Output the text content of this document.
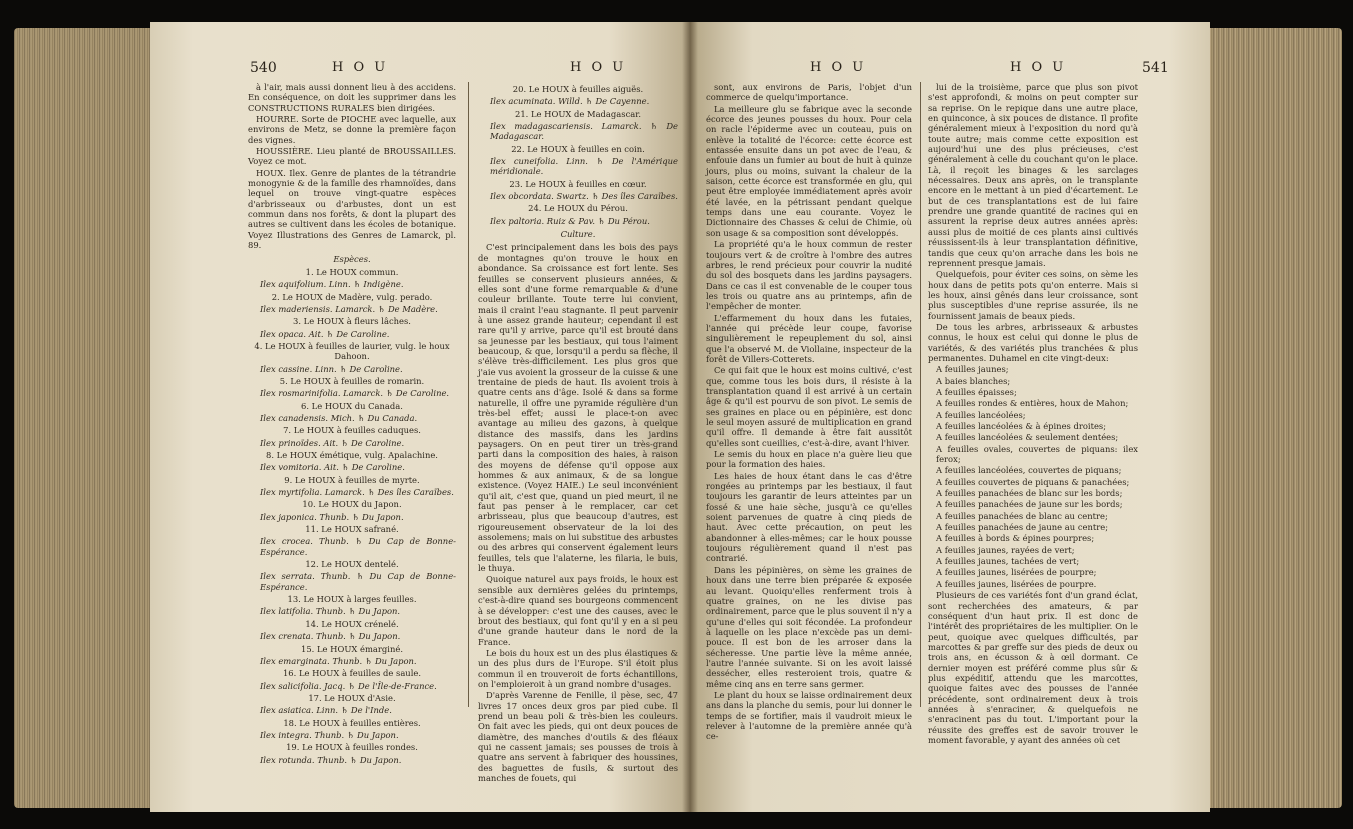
540	H O U	H O U

à l'air, mais aussi donnent lieu à des accidens. En conséquence, on doit les supprimer dans les CONSTRUCTIONS RURALES bien dirigées.

HOURRE. Sorte de PIOCHE avec laquelle, aux environs de Metz, se donne la première façon des vignes.

HOUSSIÈRE. Lieu planté de BROUSSAILLES. Voyez ce mot.

HOUX. Ilex. Genre de plantes de la tétrandrie monogynie & de la famille des rhamnoïdes, dans lequel on trouve vingt-quatre espèces d'arbrisseaux ou d'arbustes, dont un est commun dans nos forêts, & dont la plupart des autres se cultivent dans les écoles de botanique. Voyez Illustrations des Genres de Lamarck, pl. 89.

Espèces.

1. Le HOUX commun.

Ilex aquifolium. Linn. ♄ Indigène.

2. Le HOUX de Madère, vulg. perado.

Ilex maderiensis. Lamarck. ♄ De Madère.

3. Le HOUX à fleurs lâches.

Ilex opaca. Ait. ♄ De Caroline.

4. Le HOUX à feuilles de laurier, vulg. le houx Dahoon.

Ilex cassine. Linn. ♄ De Caroline.

5. Le HOUX à feuilles de romarin.

Ilex rosmarinifolia. Lamarck. ♄ De Caroline.

6. Le HOUX du Canada.

Ilex canadensis. Mich. ♄ Du Canada.

7. Le HOUX à feuilles caduques.

Ilex prinoïdes. Ait. ♄ De Caroline.

8. Le HOUX émétique, vulg. Apalachine.

Ilex vomitoria. Ait. ♄ De Caroline.

9. Le HOUX à feuilles de myrte.

Ilex myrtifolia. Lamarck. ♄ Des îles Caraïbes.

10. Le HOUX du Japon.

Ilex japonica. Thunb. ♄ Du Japon.

11. Le HOUX safrané.

Ilex crocea. Thunb. ♄ Du Cap de Bonne-Espérance.

12. Le HOUX dentelé.

Ilex serrata. Thunb. ♄ Du Cap de Bonne-Espérance.

13. Le HOUX à larges feuilles.

Ilex latifolia. Thunb. ♄ Du Japon.

14. Le HOUX crénelé.

Ilex crenata. Thunb. ♄ Du Japon.

15. Le HOUX émarginé.

Ilex emarginata. Thunb. ♄ Du Japon.

16. Le HOUX à feuilles de saule.

Ilex salicifolia. Jacq. ♄ De l'Île-de-France.

17. Le HOUX d'Asie.

Ilex asiatica. Linn. ♄ De l'Inde.

18. Le HOUX à feuilles entières.

Ilex integra. Thunb. ♄ Du Japon.

19. Le HOUX à feuilles rondes.

Ilex rotunda. Thunb. ♄ Du Japon.

20. Le HOUX à feuilles aiguës.

Ilex acuminata. Willd. ♄ De Cayenne.

21. Le HOUX de Madagascar.

Ilex madagascariensis. Lamarck. ♄ De Madagascar.

22. Le HOUX à feuilles en coin.

Ilex cuneifolia. Linn. ♄ De l'Amérique méridionale.

23. Le HOUX à feuilles en cœur.

Ilex obcordata. Swartz. ♄ Des îles Caraïbes.

24. Le HOUX du Pérou.

Ilex paltoria. Ruiz & Pav. ♄ Du Pérou.

Culture.

C'est principalement dans les bois des pays de montagnes qu'on trouve le houx en abondance. Sa croissance est fort lente. Ses feuilles se conservent plusieurs années, & elles sont d'une forme remarquable & d'une couleur brillante. Toute terre lui convient, mais il craint l'eau stagnante. Il peut parvenir à une assez grande hauteur; cependant il est rare qu'il y arrive, parce qu'il est brouté dans sa jeunesse par les bestiaux, qui tous l'aiment beaucoup, & que, lorsqu'il a perdu sa flèche, il s'élève très-difficilement. Les plus gros que j'aie vus avoient la grosseur de la cuisse & une trentaine de pieds de haut. Ils avoient trois à quatre cents ans d'âge. Isolé & dans sa forme naturelle, il offre une pyramide régulière d'un très-bel effet; aussi le place-t-on avec avantage au milieu des gazons, à quelque distance des massifs, dans les jardins paysagers. On en peut tirer un très-grand parti dans la composition des haies, à raison des moyens de défense qu'il oppose aux hommes & aux animaux, & de sa longue existence. (Voyez HAIE.) Le seul inconvénient qu'il ait, c'est que, quand un pied meurt, il ne faut pas penser à le remplacer, car cet arbrisseau, plus que beaucoup d'autres, est rigoureusement observateur de la loi des assolemens; mais on lui substitue des arbustes ou des arbres qui conservent également leurs feuilles, tels que l'alaterne, les filaria, le buis, le thuya.

Quoique naturel aux pays froids, le houx est sensible aux dernières gelées du printemps, c'est-à-dire quand ses bourgeons commencent à se développer: c'est une des causes, avec le brout des bestiaux, qui font qu'il y en a si peu d'une grande hauteur dans le nord de la France.

Le bois du houx est un des plus élastiques & un des plus durs de l'Europe. S'il étoit plus commun il en trouveroit de forts échantillons, on l'emploieroit à un grand nombre d'usages.

D'après Varenne de Fenille, il pèse, sec, 47 livres 17 onces deux gros par pied cube. Il prend un beau poli & très-bien les couleurs. On fait avec les pieds, qui ont deux pouces de diamètre, des manches d'outils & des fléaux qui ne cassent jamais; ses pousses de trois à quatre ans servent à fabriquer des houssines, des baguettes de fusils, & surtout des manches de fouets, qui

H O U	H O U	541

sont, aux environs de Paris, l'objet d'un commerce de quelqu'importance.

La meilleure glu se fabrique avec la seconde écorce des jeunes pousses du houx. Pour cela on racle l'épiderme avec un couteau, puis on enlève la totalité de l'écorce: cette écorce est entassée ensuite dans un pot avec de l'eau, & enfouie dans un fumier au bout de huit à quinze jours, plus ou moins, suivant la chaleur de la saison, cette écorce est transformée en glu, qui peut être employée immédiatement après avoir été lavée, en la pétrissant pendant quelque temps dans une eau courante. Voyez le Dictionnaire des Chasses & celui de Chimie, où son usage & sa composition sont développés.

La propriété qu'a le houx commun de rester toujours vert & de croître à l'ombre des autres arbres, le rend précieux pour couvrir la nudité du sol des bosquets dans les jardins paysagers. Dans ce cas il est convenable de le couper tous les trois ou quatre ans au printemps, afin de l'empêcher de monter.

L'effarmement du houx dans les futaies, l'année qui précède leur coupe, favorise singulièrement le repeuplement du sol, ainsi que l'a observé M. de Viollaine, inspecteur de la forêt de Villers-Cotterets.

Ce qui fait que le houx est moins cultivé, c'est que, comme tous les bois durs, il résiste à la transplantation quand il est arrivé à un certain âge & qu'il est pourvu de son pivot. Le semis de ses graines en place ou en pépinière, est donc le seul moyen assuré de multiplication en grand qu'il offre. Il demande à être fait aussitôt qu'elles sont cueillies, c'est-à-dire, avant l'hiver.

Le semis du houx en place n'a guère lieu que pour la formation des haies.

Les haies de houx étant dans le cas d'être rongées au printemps par les bestiaux, il faut toujours les garantir de leurs atteintes par un fossé & une haie sèche, jusqu'à ce qu'elles soient parvenues de quatre à cinq pieds de haut. Avec cette précaution, on peut les abandonner à elles-mêmes; car le houx pousse toujours régulièrement quand il n'est pas contrarié.

Dans les pépinières, on sème les graines de houx dans une terre bien préparée & exposée au levant. Quoiqu'elles renferment trois à quatre graines, on ne les divise pas ordinairement, parce que le plus souvent il n'y a qu'une d'elles qui soit fécondée. La profondeur à laquelle on les place n'excède pas un demi-pouce. Il est bon de les arroser dans la sécheresse. Une partie lève la même année, l'autre l'année suivante. Si on les avoit laissé dessécher, elles resteroient trois, quatre & même cinq ans en terre sans germer.

Le plant du houx se laisse ordinairement deux ans dans la planche du semis, pour lui donner le temps de se fortifier, mais il vaudroit mieux le relever à l'automne de la première année qu'à ce-

lui de la troisième, parce que plus son pivot s'est approfondi, & moins on peut compter sur sa reprise. On le repique dans une autre place, en quinconce, à six pouces de distance. Il profite généralement mieux à l'exposition du nord qu'à toute autre; mais comme cette exposition est aujourd'hui une des plus précieuses, c'est généralement à celle du couchant qu'on le place. Là, il reçoit les binages & les sarclages nécessaires. Deux ans après, on le transplante encore en le mettant à un pied d'écartement. Le but de ces transplantations est de lui faire prendre une grande quantité de racines qui en assurent la reprise deux autres années après: aussi plus de moitié de ces plants ainsi cultivés réussissent-ils à leur transplantation définitive, tandis que ceux qu'on arrache dans les bois ne reprennent presque jamais.

Quelquefois, pour éviter ces soins, on sème les houx dans de petits pots qu'on enterre. Mais si les houx, ainsi gênés dans leur croissance, sont plus susceptibles d'une reprise assurée, ils ne fournissent jamais de beaux pieds.

De tous les arbres, arbrisseaux & arbustes connus, le houx est celui qui donne le plus de variétés, & des variétés plus tranchées & plus permanentes. Duhamel en cite vingt-deux:

A feuilles jaunes;

A baies blanches;

A feuilles épaisses;

A feuilles rondes & entières, houx de Mahon;

A feuilles lancéolées;

A feuilles lancéolées & à épines droites;

A feuilles lancéolées & seulement dentées;

A feuilles ovales, couvertes de piquans: ilex ferox;

A feuilles lancéolées, couvertes de piquans;

A feuilles couvertes de piquans & panachées;

A feuilles panachées de blanc sur les bords;

A feuilles panachées de jaune sur les bords;

A feuilles panachées de blanc au centre;

A feuilles panachées de jaune au centre;

A feuilles à bords & épines pourpres;

A feuilles jaunes, rayées de vert;

A feuilles jaunes, tachées de vert;

A feuilles jaunes, lisérées de pourpre;

A feuilles jaunes, lisérées de pourpre.

Plusieurs de ces variétés font d'un grand éclat, sont recherchées des amateurs, & par conséquent d'un haut prix. Il est donc de l'intérêt des propriétaires de les multiplier. On le peut, quoique avec quelques difficultés, par marcottes & par greffe sur des pieds de deux ou trois ans, en écusson & à œil dormant. Ce dernier moyen est préféré comme plus sûr & plus expéditif, attendu que les marcottes, quoique faites avec des pousses de l'année précédente, sont ordinairement deux à trois années à s'enraciner, & quelquefois ne s'enracinent pas du tout. L'important pour la réussite des greffes est de savoir trouver le moment favorable, y ayant des années où cet
